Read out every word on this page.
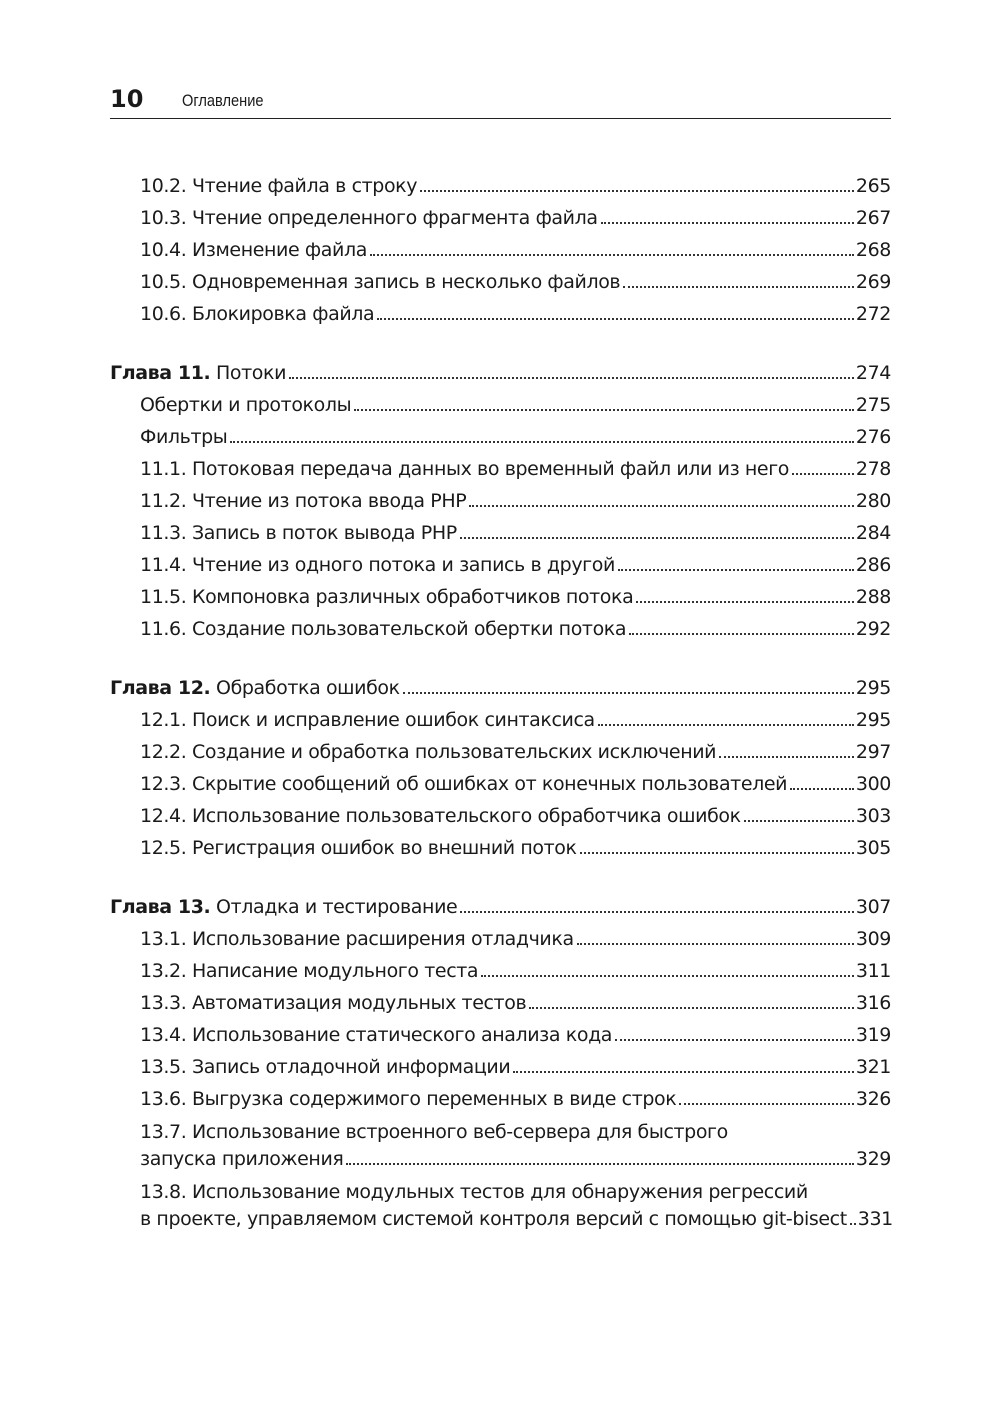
10 Оглавление
10.2. Чтение файла в строку	265
10.3. Чтение определенного фрагмента файла	267
10.4. Изменение файла	268
10.5. Одновременная запись в несколько файлов	269
10.6. Блокировка файла	272
Глава 11. Потоки	274
Обертки и протоколы	275
Фильтры	276
11.1. Потоковая передача данных во временный файл или из него	278
11.2. Чтение из потока ввода PHP	280
11.3. Запись в поток вывода PHP	284
11.4. Чтение из одного потока и запись в другой	286
11.5. Компоновка различных обработчиков потока	288
11.6. Создание пользовательской обертки потока	292
Глава 12. Обработка ошибок	295
12.1. Поиск и исправление ошибок синтаксиса	295
12.2. Создание и обработка пользовательских исключений	297
12.3. Скрытие сообщений об ошибках от конечных пользователей	300
12.4. Использование пользовательского обработчика ошибок	303
12.5. Регистрация ошибок во внешний поток	305
Глава 13. Отладка и тестирование	307
13.1. Использование расширения отладчика	309
13.2. Написание модульного теста	311
13.3. Автоматизация модульных тестов	316
13.4. Использование статического анализа кода	319
13.5. Запись отладочной информации	321
13.6. Выгрузка содержимого переменных в виде строк	326
13.7. Использование встроенного веб-сервера для быстрого
запуска приложения	329
13.8. Использование модульных тестов для обнаружения регрессий
в проекте, управляемом системой контроля версий с помощью git-bisect 331
